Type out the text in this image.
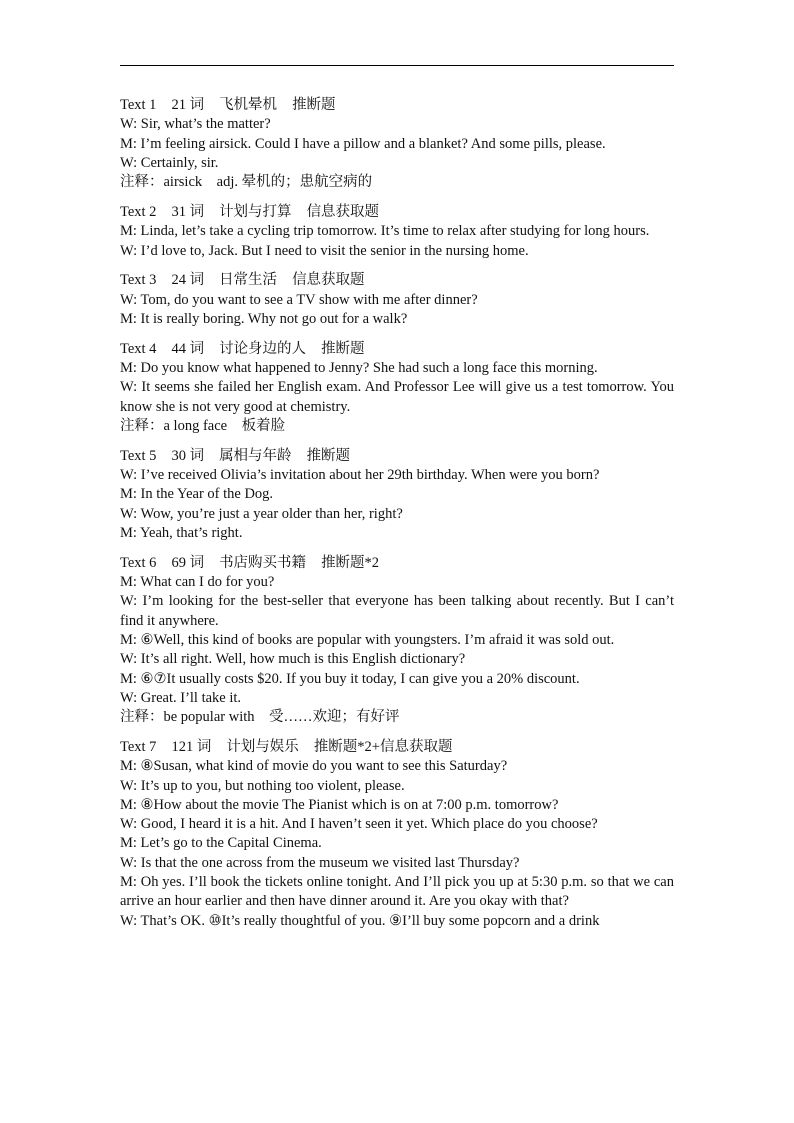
Text 1 21 词 飞机晕机 推断题

W: Sir, what’s the matter?

M: I’m feeling airsick. Could I have a pillow and a blanket? And some pills, please.

W: Certainly, sir.

注释：airsick　adj. 晕机的；患航空病的

Text 2 31 词 计划与打算 信息获取题

M: Linda, let’s take a cycling trip tomorrow. It’s time to relax after studying for long hours.

W: I’d love to, Jack. But I need to visit the senior in the nursing home.

Text 3 24 词 日常生活 信息获取题

W: Tom, do you want to see a TV show with me after dinner?

M: It is really boring. Why not go out for a walk?

Text 4 44 词 讨论身边的人 推断题

M: Do you know what happened to Jenny? She had such a long face this morning.

W: It seems she failed her English exam. And Professor Lee will give us a test tomorrow. You know she is not very good at chemistry.

注释：a long face　板着脸

Text 5 30 词 属相与年龄 推断题

W: I’ve received Olivia’s invitation about her 29th birthday. When were you born?

M: In the Year of the Dog.

W: Wow, you’re just a year older than her, right?

M: Yeah, that’s right.

Text 6 69 词 书店购买书籍 推断题*2

M: What can I do for you?

W: I’m looking for the best-seller that everyone has been talking about recently. But I can’t find it anywhere.

M: ⑥Well, this kind of books are popular with youngsters. I’m afraid it was sold out.

W: It’s all right. Well, how much is this English dictionary?

M: ⑥⑦It usually costs $20. If you buy it today, I can give you a 20% discount.

W: Great. I’ll take it.

注释：be popular with　受……欢迎；有好评

Text 7 121 词 计划与娱乐 推断题*2+信息获取题

M: ⑧Susan, what kind of movie do you want to see this Saturday?

W: It’s up to you, but nothing too violent, please.

M: ⑧How about the movie The Pianist which is on at 7:00 p.m. tomorrow?

W: Good, I heard it is a hit. And I haven’t seen it yet. Which place do you choose?

M: Let’s go to the Capital Cinema.

W: Is that the one across from the museum we visited last Thursday?

M: Oh yes. I’ll book the tickets online tonight. And I’ll pick you up at 5:30 p.m. so that we can arrive an hour earlier and then have dinner around it. Are you okay with that?

W: That’s OK. ⑩It’s really thoughtful of you. ⑨I’ll buy some popcorn and a drink
